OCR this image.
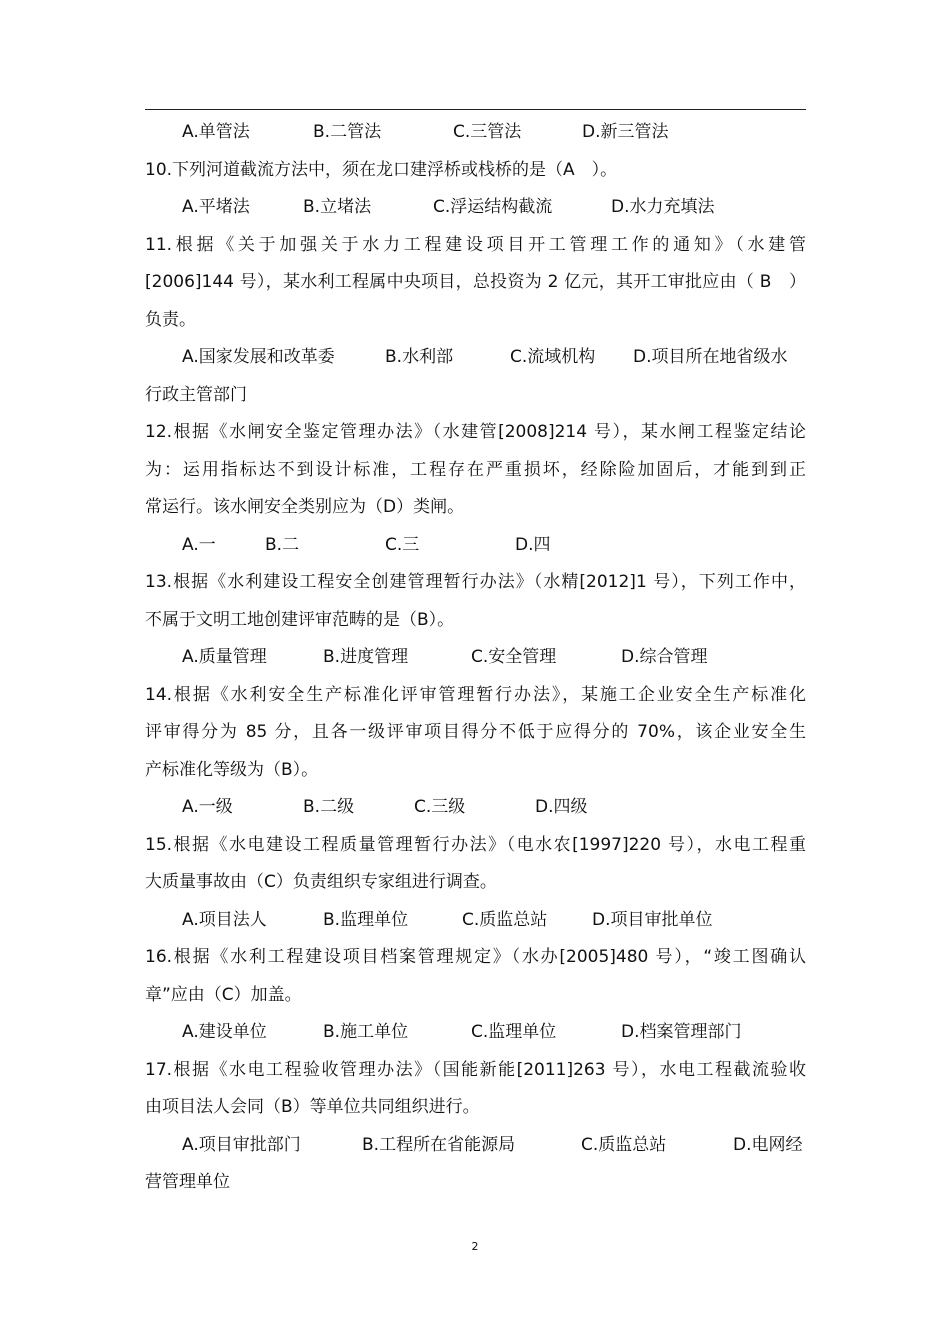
A.单管法	B.二管法	C.三管法	D.新三管法
10.下列河道截流方法中，须在龙口建浮桥或栈桥的是（A　）。
A.平堵法	B.立堵法	C.浮运结构截流	D.水力充填法
11.根据《关于加强关于水力工程建设项目开工管理工作的通知》（水建管
[2006]144 号），某水利工程属中央项目，总投资为 2 亿元，其开工审批应由（ B　）
负责。
A.国家发展和改革委	B.水利部	C.流域机构 D.项目所在地省级水
行政主管部门
12.根据《水闸安全鉴定管理办法》（水建管[2008]214 号），某水闸工程鉴定结论
为：运用指标达不到设计标准，工程存在严重损坏，经除险加固后，才能到到正
常运行。该水闸安全类别应为（D）类闸。
A.一	B.二	C.三	D.四
13.根据《水利建设工程安全创建管理暂行办法》（水精[2012]1 号），下列工作中，
不属于文明工地创建评审范畴的是（B）。
A.质量管理	B.进度管理	C.安全管理	D.综合管理
14.根据《水利安全生产标准化评审管理暂行办法》，某施工企业安全生产标准化
评审得分为 85 分，且各一级评审项目得分不低于应得分的 70%，该企业安全生
产标准化等级为（B）。
A.一级	B.二级	C.三级	D.四级
15.根据《水电建设工程质量管理暂行办法》（电水农[1997]220 号），水电工程重
大质量事故由（C）负责组织专家组进行调查。
A.项目法人	B.监理单位	C.质监总站	D.项目审批单位
16.根据《水利工程建设项目档案管理规定》（水办[2005]480 号），“竣工图确认
章”应由（C）加盖。
A.建设单位	B.施工单位	C.监理单位	D.档案管理部门
17.根据《水电工程验收管理办法》（国能新能[2011]263 号），水电工程截流验收
由项目法人会同（B）等单位共同组织进行。
A.项目审批部门	B.工程所在省能源局	C.质监总站	D.电网经
营管理单位
2
